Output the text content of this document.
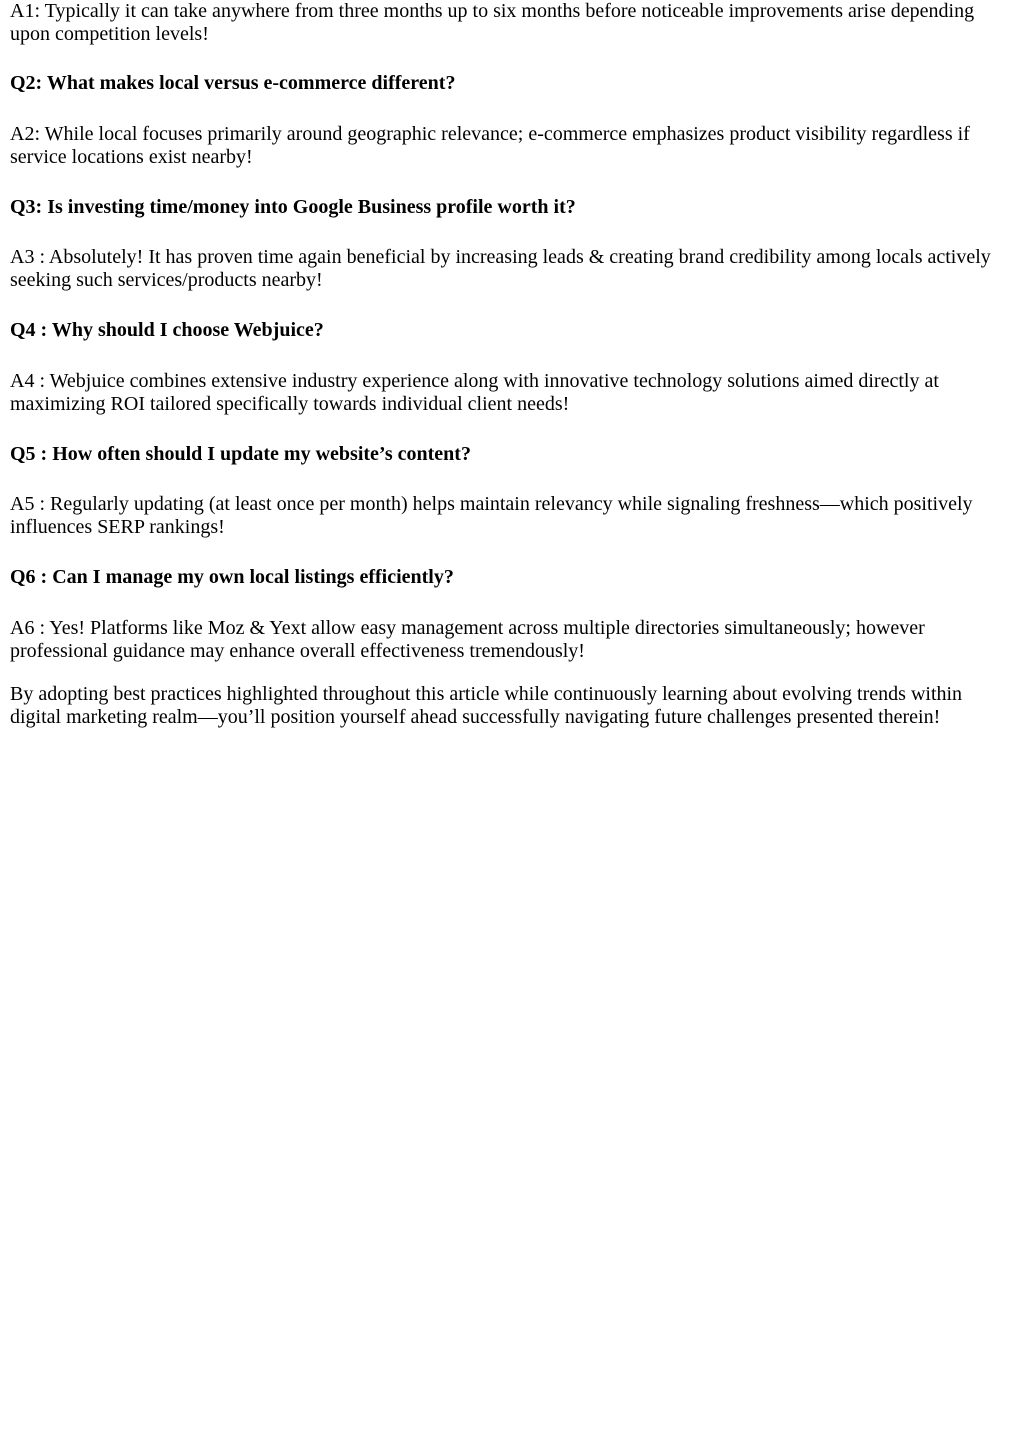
A1: Typically it can take anywhere from three months up to six months before noticeable improvements arise depending upon competition levels!

Q2: What makes local versus e-commerce different?

A2: While local focuses primarily around geographic relevance; e-commerce emphasizes product visibility regardless if service locations exist nearby!

Q3: Is investing time/money into Google Business profile worth it?

A3 : Absolutely! It has proven time again beneficial by increasing leads & creating brand credibility among locals actively seeking such services/products nearby!

Q4 : Why should I choose Webjuice?

A4 : Webjuice combines extensive industry experience along with innovative technology solutions aimed directly at maximizing ROI tailored specifically towards individual client needs!

Q5 : How often should I update my website’s content?

A5 : Regularly updating (at least once per month) helps maintain relevancy while signaling freshness—which positively influences SERP rankings!

Q6 : Can I manage my own local listings efficiently?

A6 : Yes! Platforms like Moz & Yext allow easy management across multiple directories simultaneously; however professional guidance may enhance overall effectiveness tremendously!

By adopting best practices highlighted throughout this article while continuously learning about evolving trends within digital marketing realm—you’ll position yourself ahead successfully navigating future challenges presented therein!
